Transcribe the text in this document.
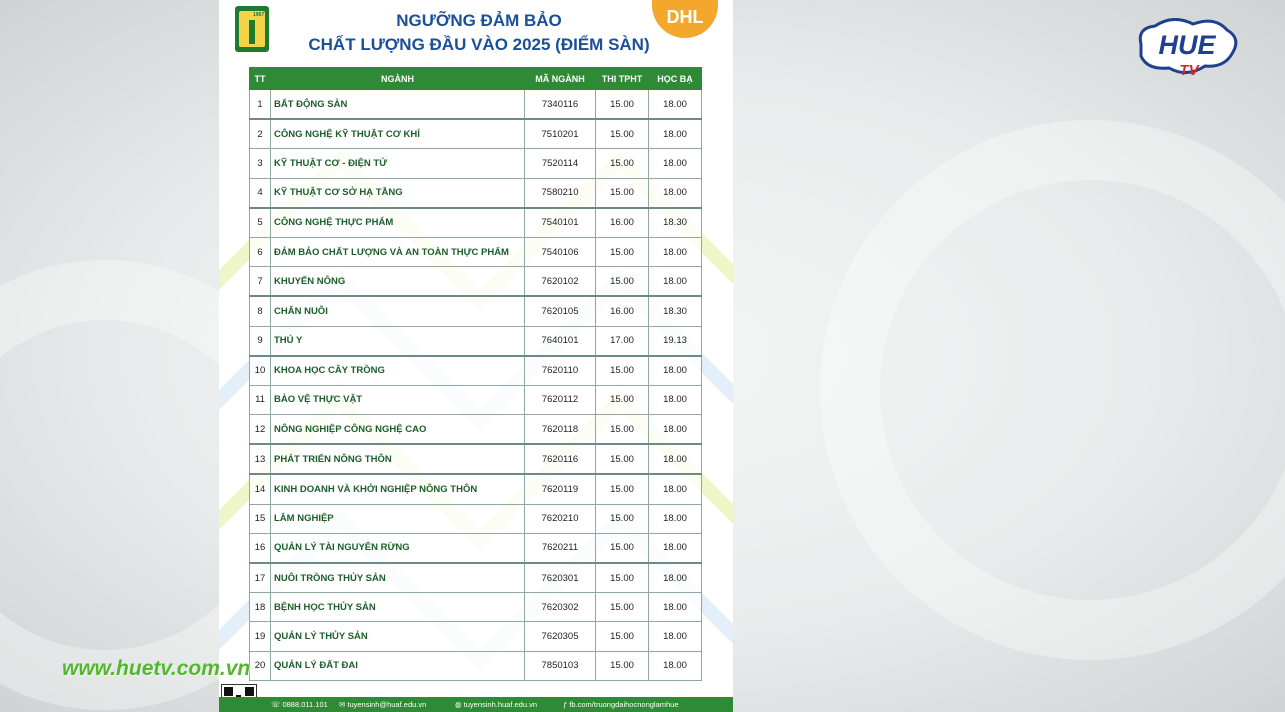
1967	DHL
NGƯỠNG ĐẢM BẢO
CHẤT LƯỢNG ĐẦU VÀO 2025 (ĐIỂM SÀN)
TT	NGÀNH	MÃ NGÀNH	THI TPHT	HỌC BẠ
1	BẤT ĐỘNG SẢN	7340116	15.00	18.00
2	CÔNG NGHỆ KỸ THUẬT CƠ KHÍ	7510201	15.00	18.00
3	KỸ THUẬT CƠ - ĐIỆN TỬ	7520114	15.00	18.00
4	KỸ THUẬT CƠ SỞ HẠ TẦNG	7580210	15.00	18.00
5	CÔNG NGHỆ THỰC PHẨM	7540101	16.00	18.30
6	ĐẢM BẢO CHẤT LƯỢNG VÀ AN TOÀN THỰC PHẨM	7540106	15.00	18.00
7	KHUYẾN NÔNG	7620102	15.00	18.00
8	CHĂN NUÔI	7620105	16.00	18.30
9	THÚ Y	7640101	17.00	19.13
10	KHOA HỌC CÂY TRỒNG	7620110	15.00	18.00
11	BẢO VỆ THỰC VẬT	7620112	15.00	18.00
12	NÔNG NGHIỆP CÔNG NGHỆ CAO	7620118	15.00	18.00
13	PHÁT TRIỂN NÔNG THÔN	7620116	15.00	18.00
14	KINH DOANH VÀ KHỞI NGHIỆP NÔNG THÔN	7620119	15.00	18.00
15	LÂM NGHIỆP	7620210	15.00	18.00
16	QUẢN LÝ TÀI NGUYÊN RỪNG	7620211	15.00	18.00
17	NUÔI TRỒNG THỦY SẢN	7620301	15.00	18.00
18	BỆNH HỌC THỦY SẢN	7620302	15.00	18.00
19	QUẢN LÝ THỦY SẢN	7620305	15.00	18.00
20	QUẢN LÝ ĐẤT ĐAI	7850103	15.00	18.00
☏ 0888.011.101 ✉ tuyensinh@huaf.edu.vn	◍ tuyensinh.huaf.edu.vn	ƒ fb.com/truongdaihocnonglamhue
www.huetv.com.vn
HUE
TV
